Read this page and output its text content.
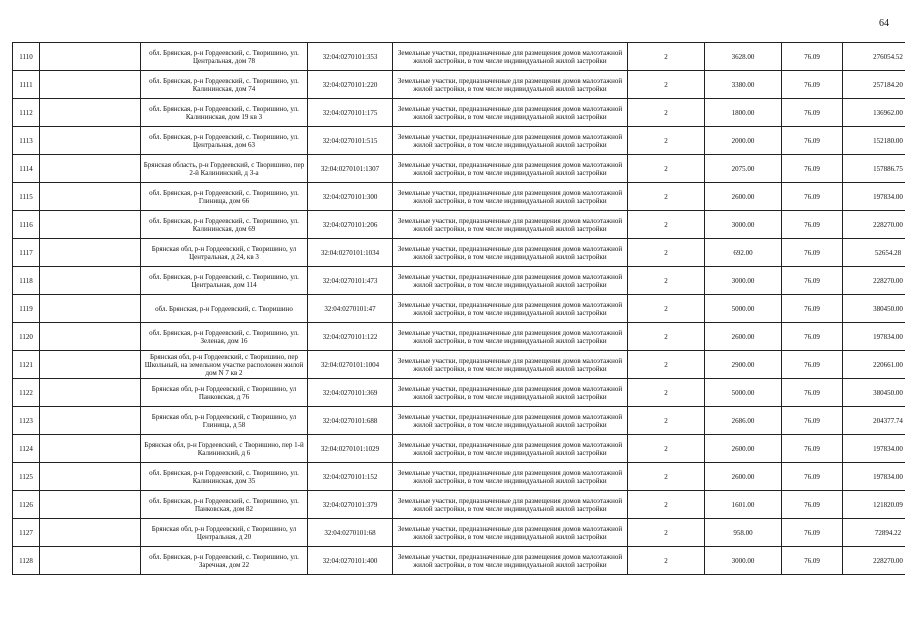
64
1110		обл. Брянская, р-н Гордеевский, с. Творишино, ул. Центральная, дом 78	32:04:0270101:353	Земельные участки, предназначенные для размещения домов малоэтажной жилой застройки, в том числе индивидуальной жилой застройки	2	3628.00	76.09	276054.52
1111		обл. Брянская, р-н Гордеевский, с. Творишино, ул. Калининская, дом 74	32:04:0270101:220	Земельные участки, предназначенные для размещения домов малоэтажной жилой застройки, в том числе индивидуальной жилой застройки	2	3380.00	76.09	257184.20
1112		обл. Брянская, р-н Гордеевский, с. Творишино, ул. Калининская, дом 19 кв 3	32:04:0270101:175	Земельные участки, предназначенные для размещения домов малоэтажной жилой застройки, в том числе индивидуальной жилой застройки	2	1800.00	76.09	136962.00
1113		обл. Брянская, р-н Гордеевский, с. Творишино, ул. Центральная, дом 63	32:04:0270101:515	Земельные участки, предназначенные для размещения домов малоэтажной жилой застройки, в том числе индивидуальной жилой застройки	2	2000.00	76.09	152180.00
1114		Брянская область, р-н Гордеевский, с Творишино, пер 2-й Калининский, д 3-а	32:04:0270101:1307	Земельные участки, предназначенные для размещения домов малоэтажной жилой застройки, в том числе индивидуальной жилой застройки	2	2075.00	76.09	157886.75
1115		обл. Брянская, р-н Гордеевский, с. Творишино, ул. Глинища, дом 66	32:04:0270101:300	Земельные участки, предназначенные для размещения домов малоэтажной жилой застройки, в том числе индивидуальной жилой застройки	2	2600.00	76.09	197834.00
1116		обл. Брянская, р-н Гордеевский, с. Творишино, ул. Калининская, дом 69	32:04:0270101:206	Земельные участки, предназначенные для размещения домов малоэтажной жилой застройки, в том числе индивидуальной жилой застройки	2	3000.00	76.09	228270.00
1117		Брянская обл, р-н Гордеевский, с Творишино, ул Центральная, д 24, кв 3	32:04:0270101:1034	Земельные участки, предназначенные для размещения домов малоэтажной жилой застройки, в том числе индивидуальной жилой застройки	2	692.00	76.09	52654.28
1118		обл. Брянская, р-н Гордеевский, с. Творишино, ул. Центральная, дом 114	32:04:0270101:473	Земельные участки, предназначенные для размещения домов малоэтажной жилой застройки, в том числе индивидуальной жилой застройки	2	3000.00	76.09	228270.00
1119		обл. Брянская, р-н Гордеевский, с. Творишино	32:04:0270101:47	Земельные участки, предназначенные для размещения домов малоэтажной жилой застройки, в том числе индивидуальной жилой застройки	2	5000.00	76.09	380450.00
1120		обл. Брянская, р-н Гордеевский, с. Творишино, ул. Зеленая, дом 16	32:04:0270101:122	Земельные участки, предназначенные для размещения домов малоэтажной жилой застройки, в том числе индивидуальной жилой застройки	2	2600.00	76.09	197834.00
1121		Брянская обл, р-н Гордеевский, с Творишино, пер Школьный, на земельном участке расположен жилой дом N 7 кв 2	32:04:0270101:1004	Земельные участки, предназначенные для размещения домов малоэтажной жилой застройки, в том числе индивидуальной жилой застройки	2	2900.00	76.09	220661.00
1122		Брянская обл, р-н Гордеевский, с Творишино, ул Панковская, д 76	32:04:0270101:369	Земельные участки, предназначенные для размещения домов малоэтажной жилой застройки, в том числе индивидуальной жилой застройки	2	5000.00	76.09	380450.00
1123		Брянская обл, р-н Гордеевский, с Творишино, ул Глинища, д 58	32:04:0270101:688	Земельные участки, предназначенные для размещения домов малоэтажной жилой застройки, в том числе индивидуальной жилой застройки	2	2686.00	76.09	204377.74
1124		Брянская обл, р-н Гордеевский, с Творишино, пер 1-й Калининский, д 6	32:04:0270101:1029	Земельные участки, предназначенные для размещения домов малоэтажной жилой застройки, в том числе индивидуальной жилой застройки	2	2600.00	76.09	197834.00
1125		обл. Брянская, р-н Гордеевский, с. Творишино, ул. Калининская, дом 35	32:04:0270101:152	Земельные участки, предназначенные для размещения домов малоэтажной жилой застройки, в том числе индивидуальной жилой застройки	2	2600.00	76.09	197834.00
1126		обл. Брянская, р-н Гордеевский, с. Творишино, ул. Панковская, дом 82	32:04:0270101:379	Земельные участки, предназначенные для размещения домов малоэтажной жилой застройки, в том числе индивидуальной жилой застройки	2	1601.00	76.09	121820.09
1127		Брянская обл, р-н Гордеевский, с Творишино, ул Центральная, д 20	32:04:0270101:68	Земельные участки, предназначенные для размещения домов малоэтажной жилой застройки, в том числе индивидуальной жилой застройки	2	958.00	76.09	72894.22
1128		обл. Брянская, р-н Гордеевский, с. Творишино, ул. Заречная, дом 22	32:04:0270101:400	Земельные участки, предназначенные для размещения домов малоэтажной жилой застройки, в том числе индивидуальной жилой застройки	2	3000.00	76.09	228270.00
